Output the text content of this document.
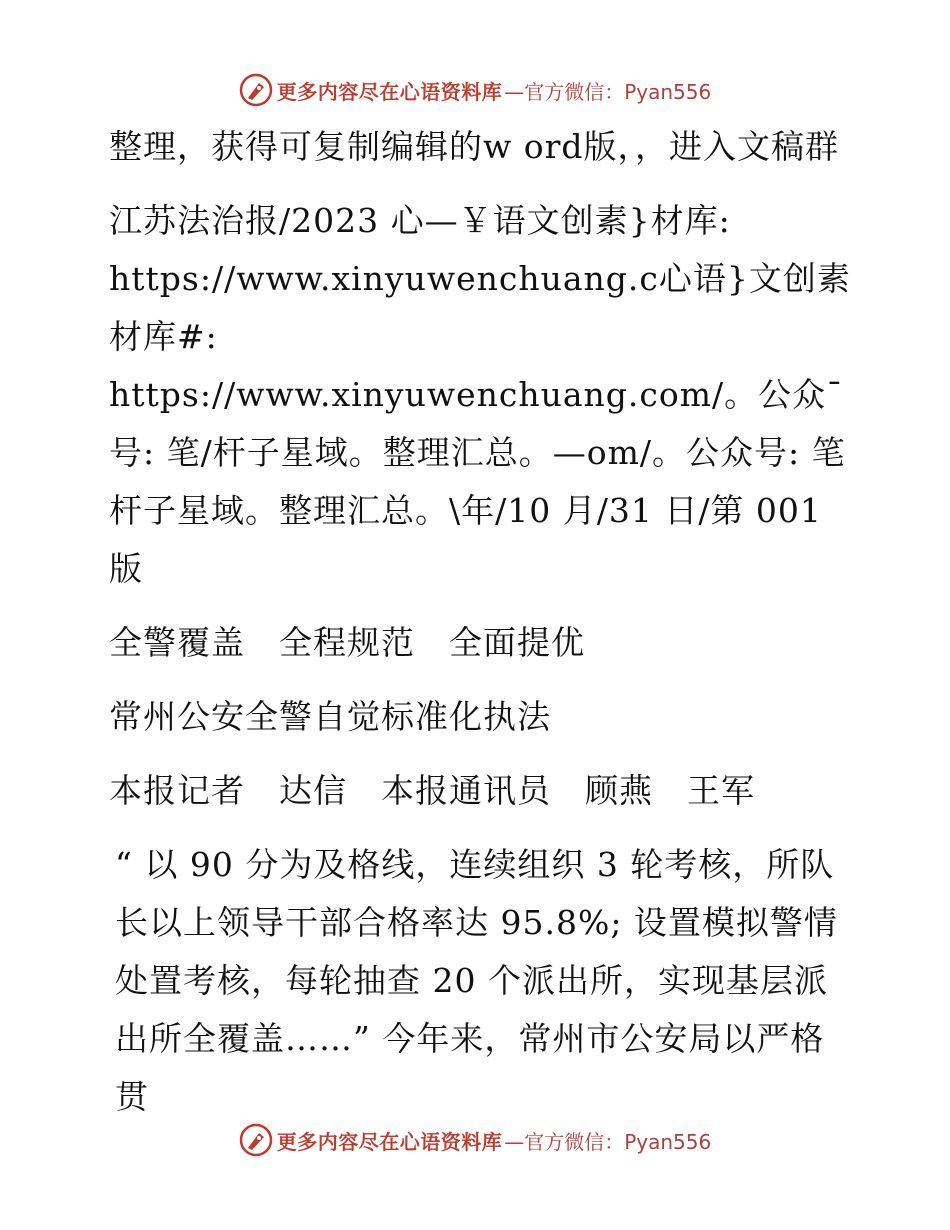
更多内容尽在心语资料库 —官方微信：Pyan556

整理，获得可复制编辑的w ord版，，进入文稿群

江苏法治报/2023 心—￥语文创素}材库: https://www.xinyuwenchuang.c心语}文创素材库#: https://www.xinyuwenchuang.com/。公众¯号: 笔/杆子星域。整理汇总。—om/。公众号: 笔杆子星域。整理汇总。\年/10 月/31 日/第 001 版

全警覆盖　全程规范　全面提优

常州公安全警自觉标准化执法

本报记者　达信　本报通讯员　顾燕　王军

“ 以 90 分为及格线，连续组织 3 轮考核，所队长以上领导干部合格率达 95.8%; 设置模拟警情处置考核，每轮抽查 20 个派出所，实现基层派出所全覆盖……” 今年来，常州市公安局以严格贯

更多内容尽在心语资料库 —官方微信：Pyan556
